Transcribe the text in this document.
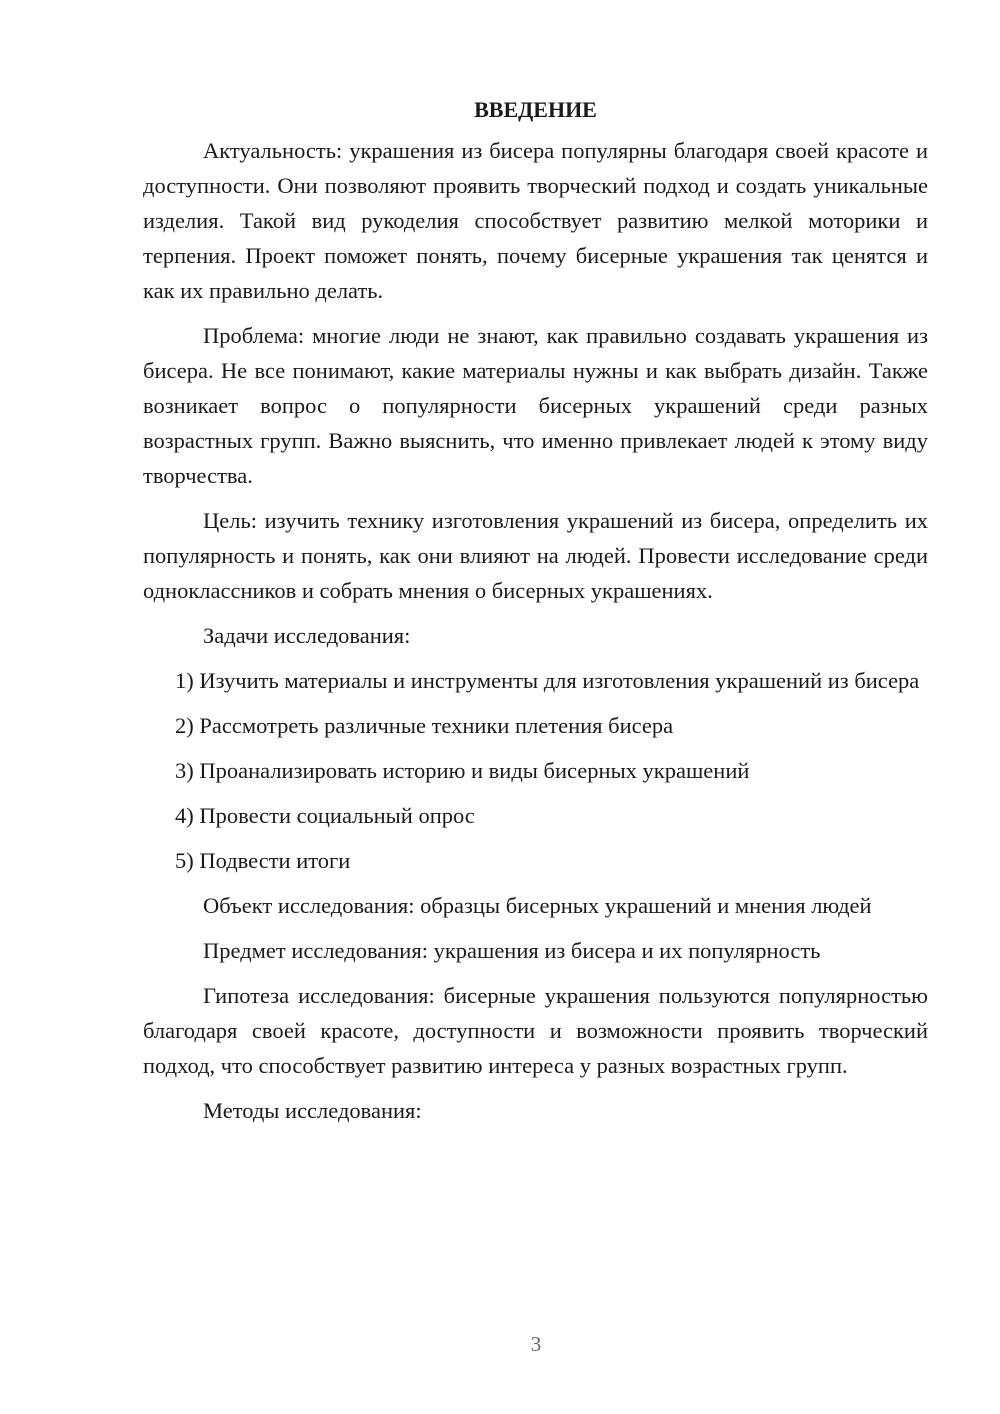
ВВЕДЕНИЕ

Актуальность: украшения из бисера популярны благодаря своей красоте и доступности. Они позволяют проявить творческий подход и создать уникальные изделия. Такой вид рукоделия способствует развитию мелкой моторики и терпения. Проект поможет понять, почему бисерные украшения так ценятся и как их правильно делать.

Проблема: многие люди не знают, как правильно создавать украшения из бисера. Не все понимают, какие материалы нужны и как выбрать дизайн. Также возникает вопрос о популярности бисерных украшений среди разных возрастных групп. Важно выяснить, что именно привлекает людей к этому виду творчества.

Цель: изучить технику изготовления украшений из бисера, определить их популярность и понять, как они влияют на людей. Провести исследование среди одноклассников и собрать мнения о бисерных украшениях.

Задачи исследования:

1) Изучить материалы и инструменты для изготовления украшений из бисера

2) Рассмотреть различные техники плетения бисера

3) Проанализировать историю и виды бисерных украшений

4) Провести социальный опрос

5) Подвести итоги

Объект исследования: образцы бисерных украшений и мнения людей

Предмет исследования: украшения из бисера и их популярность

Гипотеза исследования: бисерные украшения пользуются популярностью благодаря своей красоте, доступности и возможности проявить творческий подход, что способствует развитию интереса у разных возрастных групп.

Методы исследования:

3
